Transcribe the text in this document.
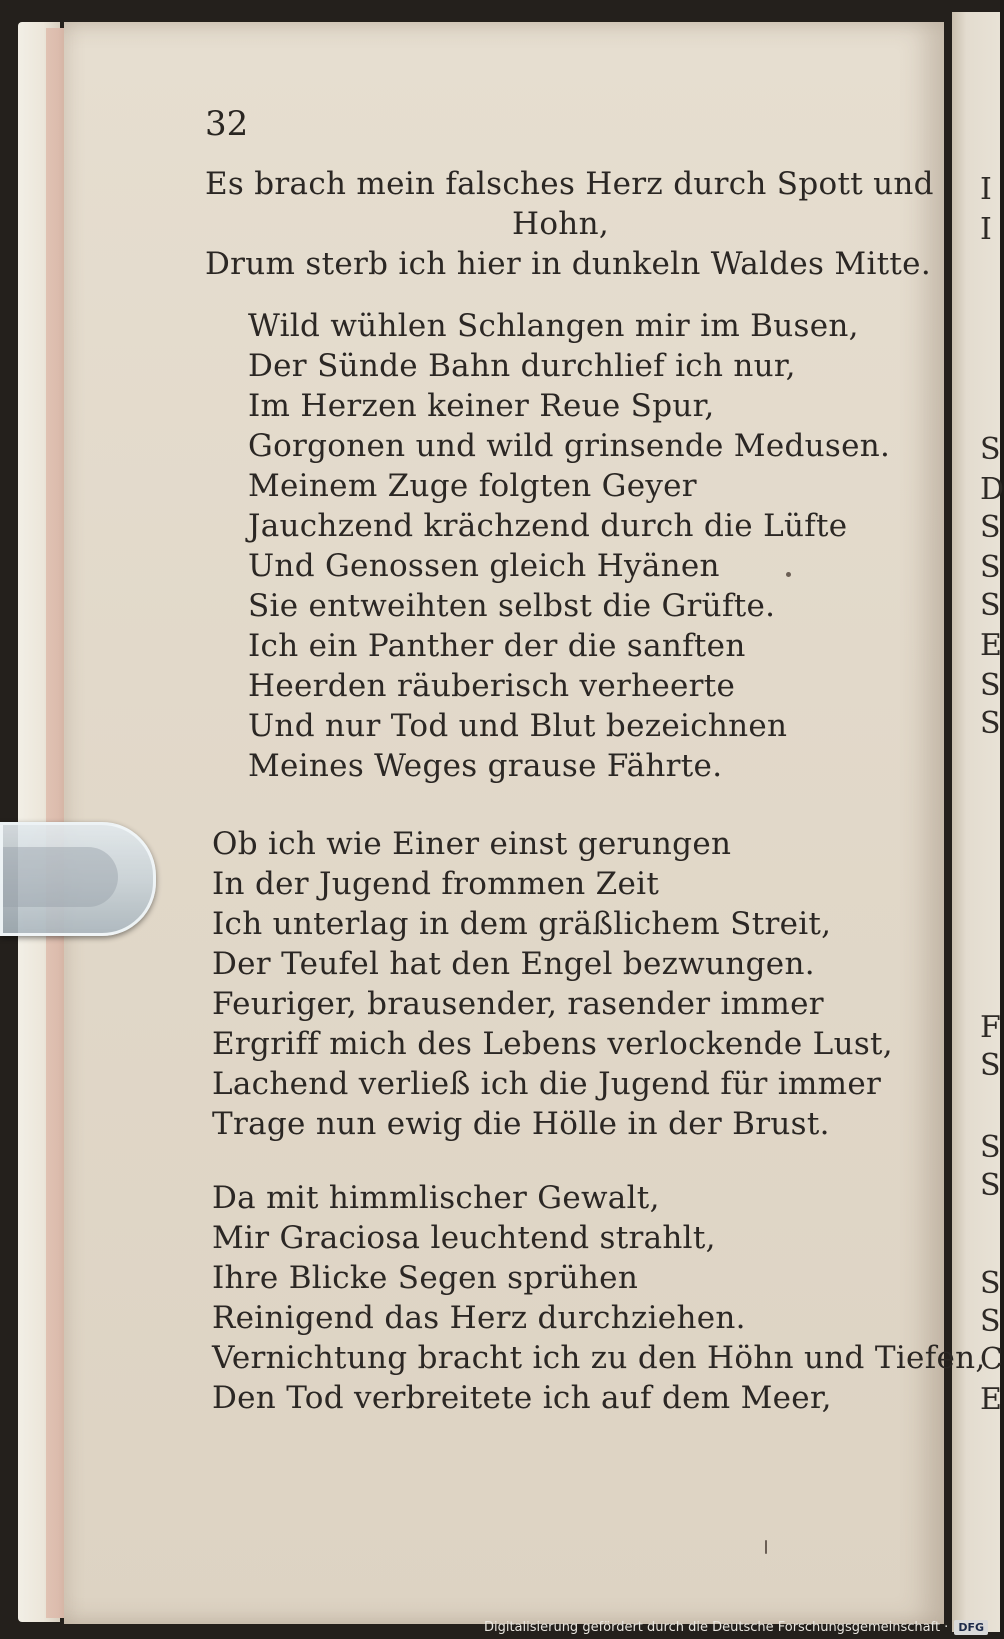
I
I
S
D
S
S
S
E
S
S
F
S
S
S
S
S
C
E
32
Es brach mein falsches Herz durch Spott und
Hohn,
Drum sterb ich hier in dunkeln Waldes Mitte.
Wild wühlen Schlangen mir im Busen,
Der Sünde Bahn durchlief ich nur,
Im Herzen keiner Reue Spur,
Gorgonen und wild grinsende Medusen.
Meinem Zuge folgten Geyer
Jauchzend krächzend durch die Lüfte
Und Genossen gleich Hyänen
Sie entweihten selbst die Grüfte.
Ich ein Panther der die sanften
Heerden räuberisch verheerte
Und nur Tod und Blut bezeichnen
Meines Weges grause Fährte.
Ob ich wie Einer einst gerungen
In der Jugend frommen Zeit
Ich unterlag in dem gräßlichem Streit,
Der Teufel hat den Engel bezwungen.
Feuriger, brausender, rasender immer
Ergriff mich des Lebens verlockende Lust,
Lachend verließ ich die Jugend für immer
Trage nun ewig die Hölle in der Brust.
Da mit himmlischer Gewalt,
Mir Graciosa leuchtend strahlt,
Ihre Blicke Segen sprühen
Reinigend das Herz durchziehen.
Vernichtung bracht ich zu den Höhn und Tiefen,
Den Tod verbreitete ich auf dem Meer,
Digitalisierung gefördert durch die Deutsche Forschungsgemeinschaft · DFG
